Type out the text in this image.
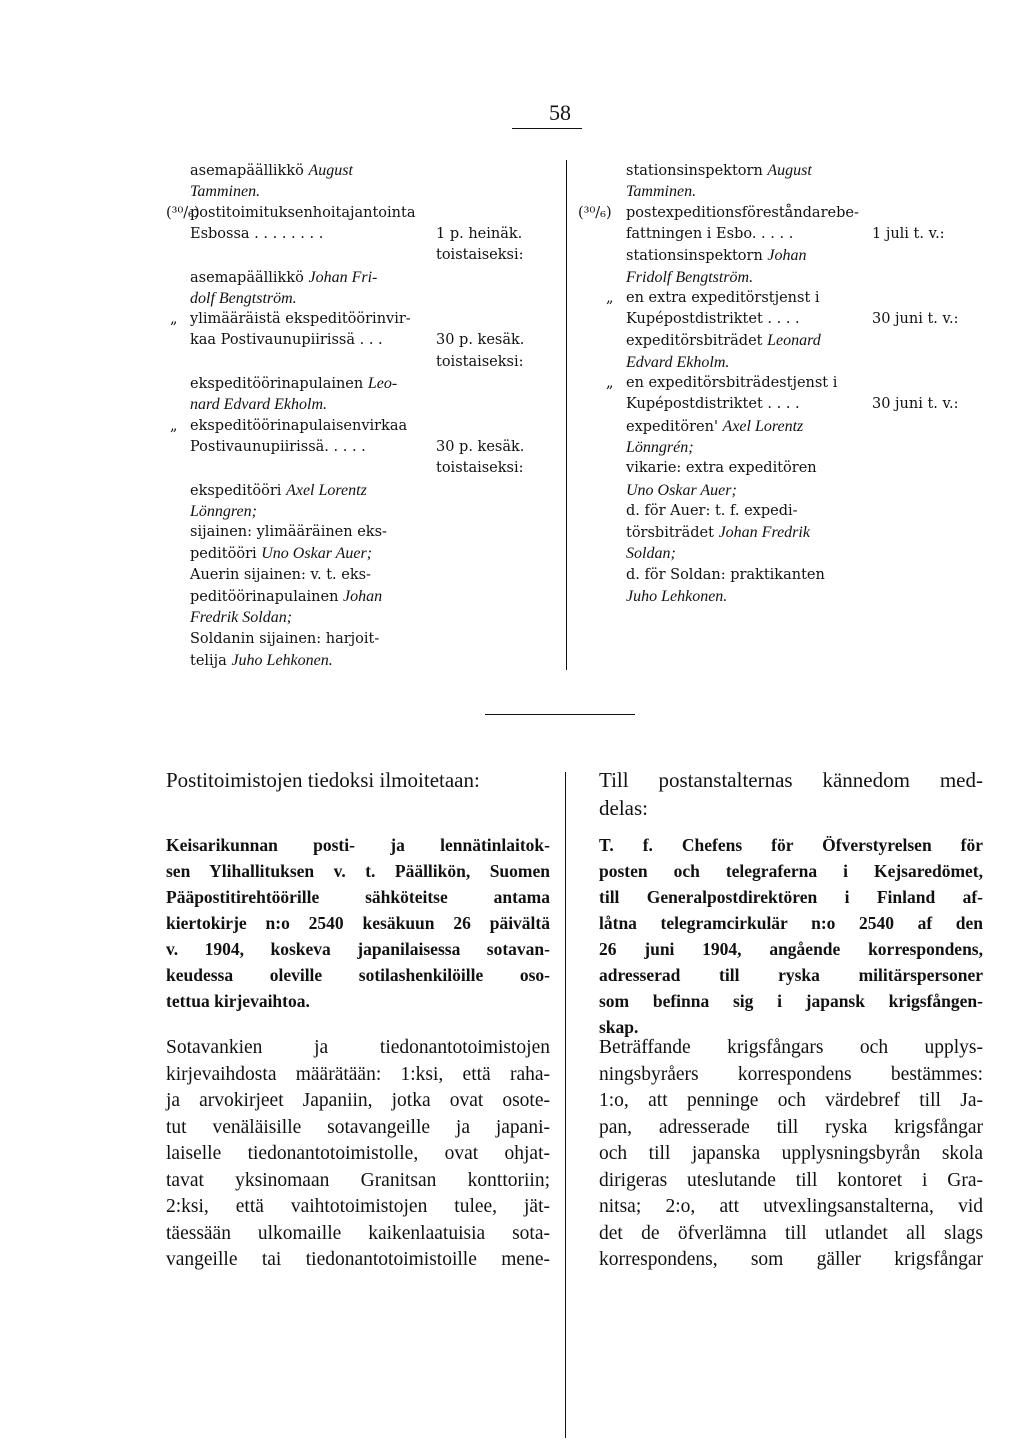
58
asemapäällikkö August
Tamminen.
(³⁰/₆)
postitoimituksenhoitajantointa
Esbossa . . . . . . . .	1 p. heinäk.
toistaiseksi:
asemapäällikkö Johan Fri-
dolf Bengtström.
„ ylimääräistä ekspeditöörinvir-
kaa Postivaunupiirissä . . .	30 p. kesäk.
toistaiseksi:
ekspeditöörinapulainen Leo-
nard Edvard Ekholm.
„ ekspeditöörinapulaisenvirkaa
Postivaunupiirissä. . . . .	30 p. kesäk.
toistaiseksi:
ekspeditööri Axel Lorentz
Lönngren;
sijainen: ylimääräinen eks-
peditööri Uno Oskar Auer;
Auerin sijainen: v. t. eks-
peditöörinapulainen Johan
Fredrik Soldan;
Soldanin sijainen: harjoit-
telija Juho Lehkonen.
stationsinspektorn August
Tamminen.
(³⁰/₆) postexpeditionsföreståndarebe-
fattningen i Esbo. . . . .	1 juli t. v.:
stationsinspektorn Johan
Fridolf Bengtström.
„ en extra expeditörstjenst i
Kupépostdistriktet . . . .	30 juni t. v.:
expeditörsbiträdet Leonard
Edvard Ekholm.
„ en expeditörsbiträdestjenst i
Kupépostdistriktet . . . .	30 juni t. v.:
expeditören' Axel Lorentz
Lönngrén;
vikarie: extra expeditören
Uno Oskar Auer;
d. för Auer: t. f. expedi-
törsbiträdet Johan Fredrik
Soldan;
d. för Soldan: praktikanten
Juho Lehkonen.
Postitoimistojen tiedoksi ilmoitetaan:
Keisarikunnan posti- ja lennätinlaitok-
sen Ylihallituksen v. t. Päällikön, Suomen
Pääpostitirehtöörille sähköteitse antama
kiertokirje n:o 2540 kesäkuun 26 päivältä
v. 1904, koskeva japanilaisessa sotavan-
keudessa oleville sotilashenkilöille oso-
tettua kirjevaihtoa.
Sotavankien ja tiedonantotoimistojen
kirjevaihdosta määrätään: 1:ksi, että raha-
ja arvokirjeet Japaniin, jotka ovat osote-
tut venäläisille sotavangeille ja japani-
laiselle tiedonantotoimistolle, ovat ohjat-
tavat yksinomaan Granitsan konttoriin;
2:ksi, että vaihtotoimistojen tulee, jät-
täessään ulkomaille kaikenlaatuisia sota-
vangeille tai tiedonantotoimistoille mene-
Till postanstalternas kännedom med-
delas:
T. f. Chefens för Öfverstyrelsen för
posten och telegraferna i Kejsaredömet,
till Generalpostdirektören i Finland af-
låtna telegramcirkulär n:o 2540 af den
26 juni 1904, angående korrespondens,
adresserad till ryska militärspersoner
som befinna sig i japansk krigsfången-
skap.
Beträffande krigsfångars och upplys-
ningsbyråers korrespondens bestämmes:
1:o, att penninge och värdebref till Ja-
pan, adresserade till ryska krigsfångar
och till japanska upplysningsbyrån skola
dirigeras uteslutande till kontoret i Gra-
nitsa; 2:o, att utvexlingsanstalterna, vid
det de öfverlämna till utlandet all slags
korrespondens, som gäller krigsfångar
